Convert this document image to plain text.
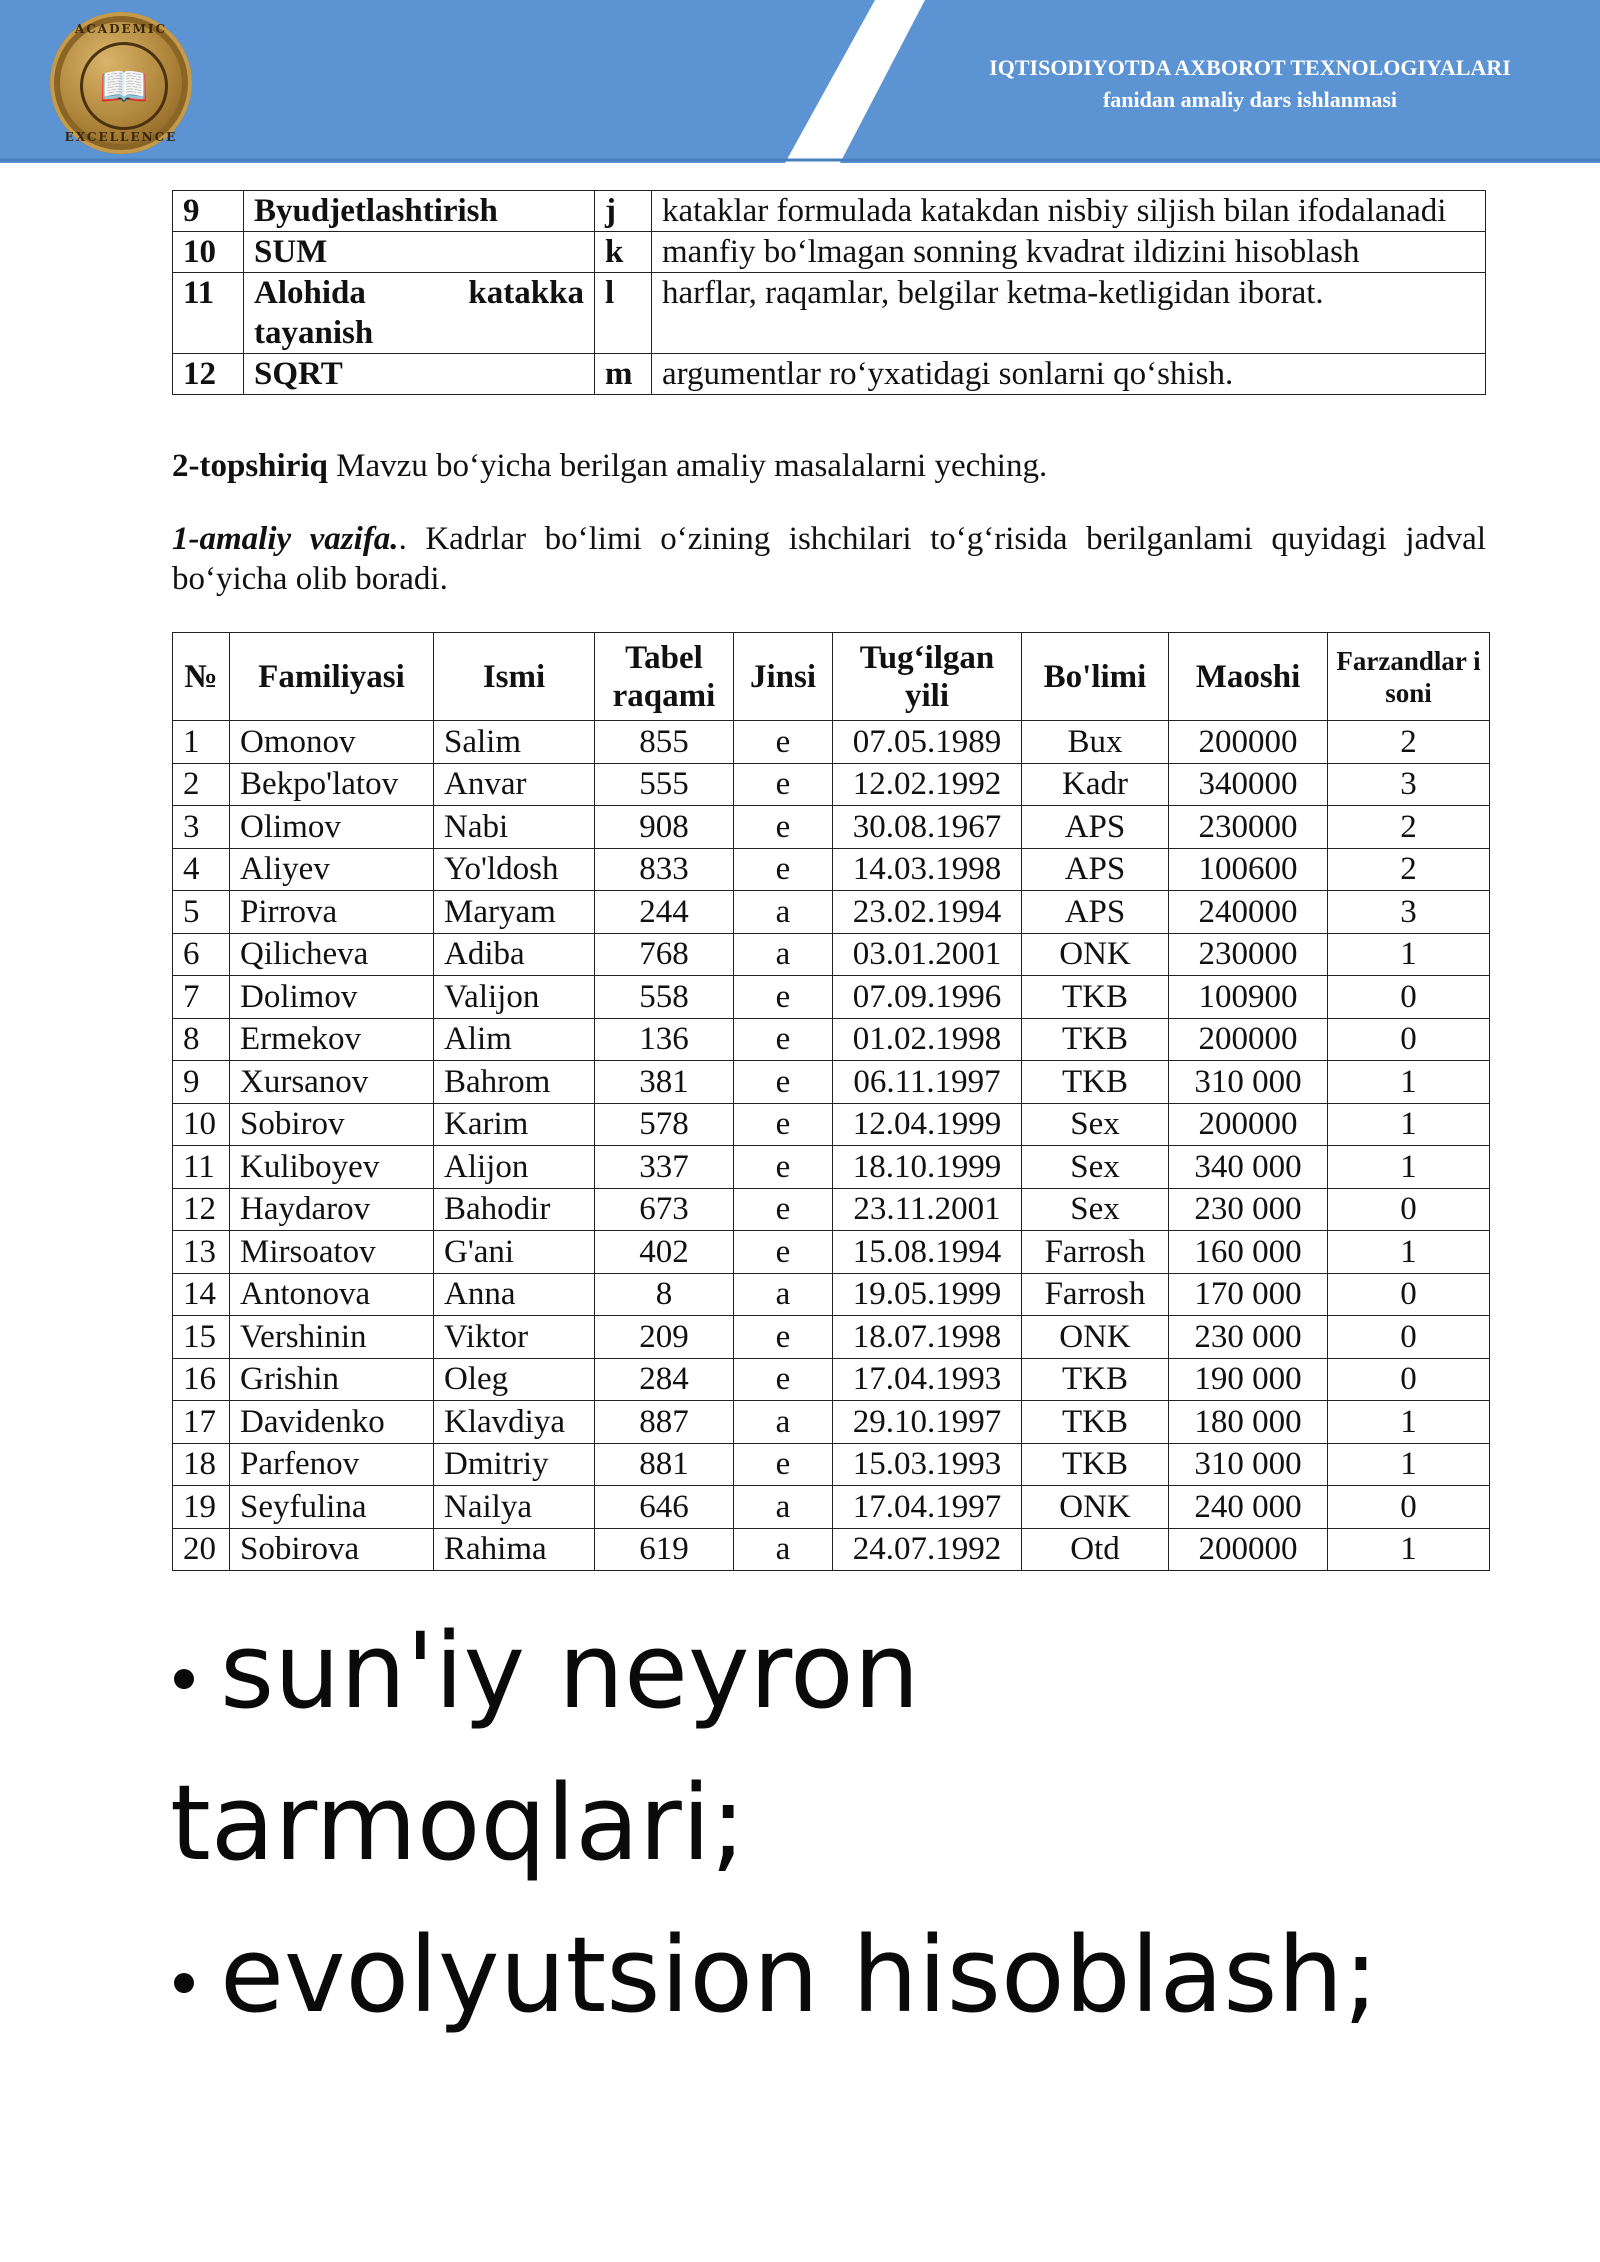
ACADEMIC
📖
EXCELLENCE
IQTISODIYOTDA AXBOROT TEXNOLOGIYALARI
fanidan amaliy dars ishlanmasi
9	Byudjetlashtirish	j	kataklar formulada katakdan nisbiy siljish bilan ifodalanadi
10	SUM	k	manfiy bo‘lmagan sonning kvadrat ildizini hisoblash
11	Alohida katakka tayanish	l	harflar, raqamlar, belgilar ketma-ketligidan iborat.
12	SQRT	m	argumentlar ro‘yxatidagi sonlarni qo‘shish.
2-topshiriq Mavzu bo‘yicha berilgan amaliy masalalarni yeching.
1-amaliy vazifa.. Kadrlar bo‘limi o‘zining ishchilari to‘g‘risida berilganlami quyidagi jadval bo‘yicha olib boradi.
№	Familiyasi	Ismi	Tabel raqami	Jinsi	Tug‘ilgan yili	Bo'limi	Maoshi	Farzandlar i soni
1	Omonov	Salim	855	e	07.05.1989	Bux	200000	2
2	Bekpo'latov	Anvar	555	e	12.02.1992	Kadr	340000	3
3	Olimov	Nabi	908	e	30.08.1967	APS	230000	2
4	Aliyev	Yo'ldosh	833	e	14.03.1998	APS	100600	2
5	Pirrova	Maryam	244	a	23.02.1994	APS	240000	3
6	Qilicheva	Adiba	768	a	03.01.2001	ONK	230000	1
7	Dolimov	Valijon	558	e	07.09.1996	TKB	100900	0
8	Ermekov	Alim	136	e	01.02.1998	TKB	200000	0
9	Xursanov	Bahrom	381	e	06.11.1997	TKB	310 000	1
10	Sobirov	Karim	578	e	12.04.1999	Sex	200000	1
11	Kuliboyev	Alijon	337	e	18.10.1999	Sex	340 000	1
12	Haydarov	Bahodir	673	e	23.11.2001	Sex	230 000	0
13	Mirsoatov	G'ani	402	e	15.08.1994	Farrosh	160 000	1
14	Antonova	Anna	8	a	19.05.1999	Farrosh	170 000	0
15	Vershinin	Viktor	209	e	18.07.1998	ONK	230 000	0
16	Grishin	Oleg	284	e	17.04.1993	TKB	190 000	0
17	Davidenko	Klavdiya	887	a	29.10.1997	TKB	180 000	1
18	Parfenov	Dmitriy	881	e	15.03.1993	TKB	310 000	1
19	Seyfulina	Nailya	646	a	17.04.1997	ONK	240 000	0
20	Sobirova	Rahima	619	a	24.07.1992	Otd	200000	1
sun'iy neyron
tarmoqlari;
evolyutsion hisoblash;
